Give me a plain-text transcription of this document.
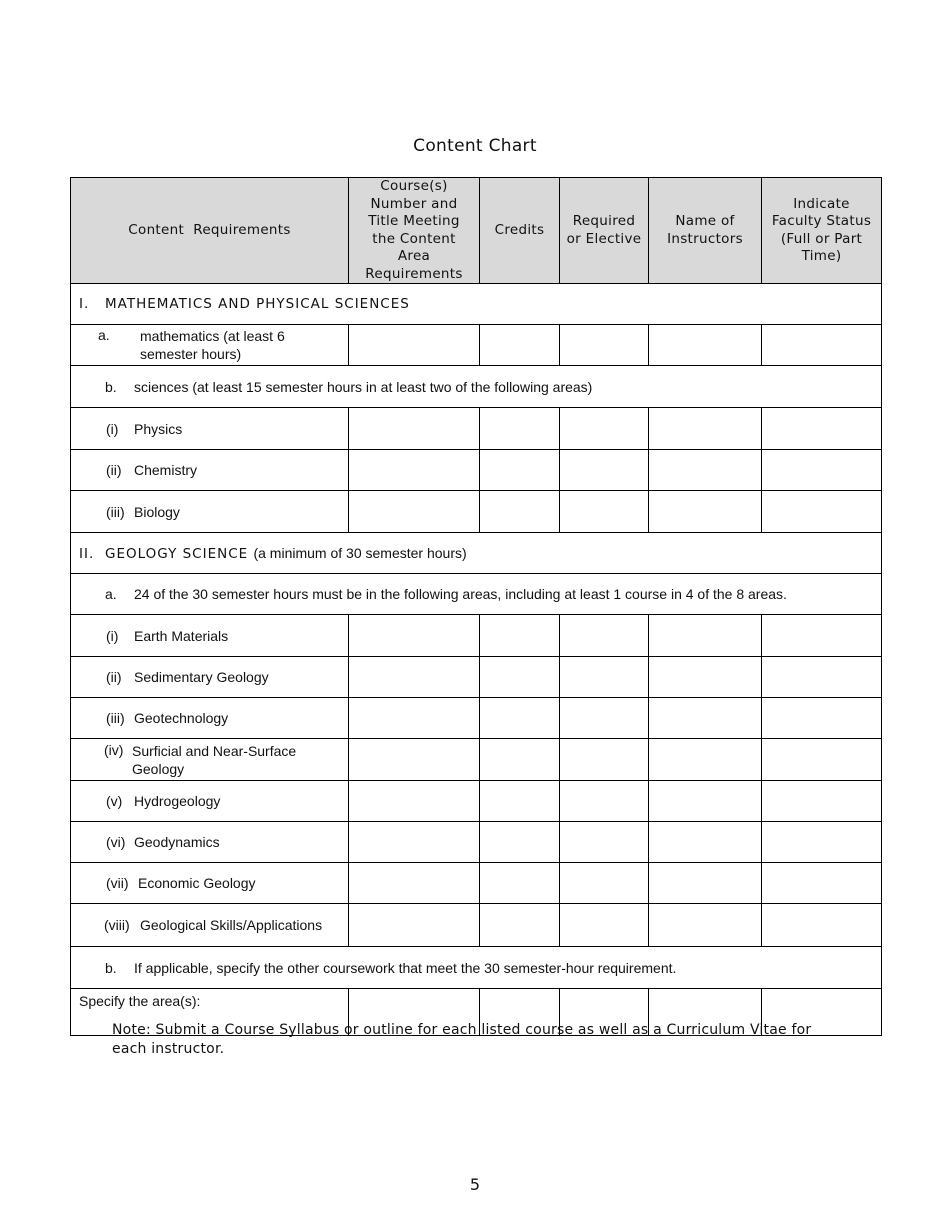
Content Chart
Content  Requirements	Course(s) Number and Title Meeting the Content Area Requirements	Credits	Required or Elective	Name of Instructors	Indicate Faculty Status (Full or Part Time)
I. MATHEMATICS AND PHYSICAL SCIENCES					
a. mathematics (at least 6
semester hours)					
b. sciences (at least 15 semester hours in at least two of the following areas)					
(i) Physics					
(ii) Chemistry					
(iii) Biology					
II. GEOLOGY SCIENCE (a minimum of 30 semester hours)					
a. 24 of the 30 semester hours must be in the following areas, including at least 1 course in 4 of the 8 areas.					
(i) Earth Materials					
(ii) Sedimentary Geology					
(iii) Geotechnology					
(iv) Surficial and Near-Surface
Geology					
(v) Hydrogeology					
(vi) Geodynamics					
(vii) Economic Geology					
(viii) Geological Skills/Applications					
b. If applicable, specify the other coursework that meet the 30 semester-hour requirement.					
Specify the area(s):					
Note: Submit a Course Syllabus or outline for each listed course as well as a Curriculum Vitae for each instructor.
5
